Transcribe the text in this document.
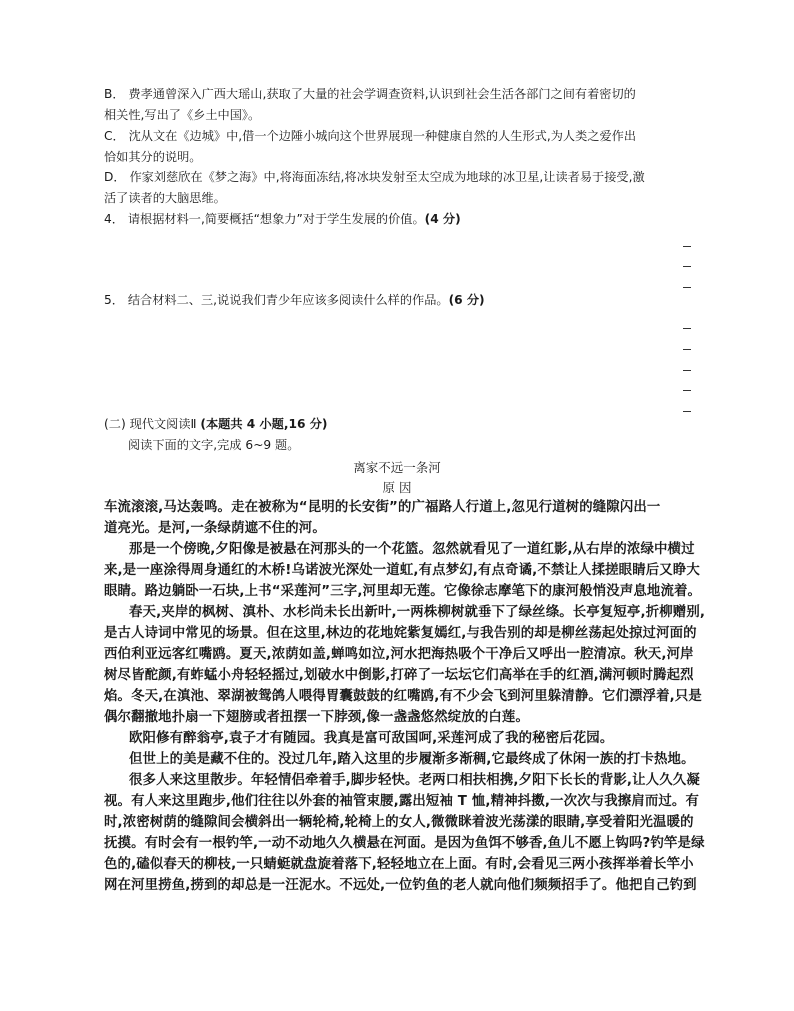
B． 费孝通曾深入广西大瑶山,获取了大量的社会学调查资料,认识到社会生活各部门之间有着密切的
相关性,写出了《乡土中国》。
C． 沈从文在《边城》中,借一个边陲小城向这个世界展现一种健康自然的人生形式,为人类之爱作出
恰如其分的说明。
D． 作家刘慈欣在《梦之海》中,将海面冻结,将冰块发射至太空成为地球的冰卫星,让读者易于接受,激
活了读者的大脑思维。
4． 请根据材料一,简要概括“想象力”对于学生发展的价值。(4 分)
5． 结合材料二、三,说说我们青少年应该多阅读什么样的作品。(6 分)
(二) 现代文阅读Ⅱ (本题共 4 小题,16 分)
阅读下面的文字,完成 6~9 题。
离家不远一条河
原 因
车流滚滚,马达轰鸣。走在被称为“昆明的长安街”的广福路人行道上,忽见行道树的缝隙闪出一
道亮光。是河,一条绿荫遮不住的河。
那是一个傍晚,夕阳像是被悬在河那头的一个花篮。忽然就看见了一道红影,从右岸的浓绿中横过
来,是一座涂得周身通红的木桥!乌诺波光深处一道虹,有点梦幻,有点奇谲,不禁让人揉搓眼睛后又睁大
眼睛。路边躺卧一石块,上书“采莲河”三字,河里却无莲。它像徐志摩笔下的康河般悄没声息地流着。
春天,夹岸的枫树、滇朴、水杉尚未长出新叶,一两株柳树就垂下了绿丝绦。长亭复短亭,折柳赠别,
是古人诗词中常见的场景。但在这里,林边的花地姹紫复嫣红,与我告别的却是柳丝荡起处掠过河面的
西伯利亚远客红嘴鸥。夏天,浓荫如盖,蝉鸣如泣,河水把海热吸个干净后又呼出一腔清凉。秋天,河岸
树尽皆酡颜,有蚱蜢小舟轻轻摇过,划破水中倒影,打碎了一坛坛它们高举在手的红酒,满河顿时腾起烈
焰。冬天,在滇池、翠湖被鸳鸽人喂得胃囊鼓鼓的红嘴鸥,有不少会飞到河里躲清静。它们漂浮着,只是
偶尔翻撤地扑扇一下翅膀或者扭摆一下脖颈,像一盏盏悠然绽放的白莲。
欧阳修有醉翁亭,袁子才有随园。我真是富可敌国呵,采莲河成了我的秘密后花园。
但世上的美是藏不住的。没过几年,踏入这里的步履渐多渐稠,它最终成了休闲一族的打卡热地。
很多人来这里散步。年轻情侣牵着手,脚步轻快。老两口相扶相携,夕阳下长长的背影,让人久久凝
视。有人来这里跑步,他们往往以外套的袖管束腰,露出短袖 T 恤,精神抖擞,一次次与我擦肩而过。有
时,浓密树荫的缝隙间会横斜出一辆轮椅,轮椅上的女人,微微眯着波光荡漾的眼睛,享受着阳光温暖的
抚摸。有时会有一根钓竿,一动不动地久久横悬在河面。是因为鱼饵不够香,鱼儿不愿上钩吗?钓竿是绿
色的,磕似春天的柳枝,一只蜻蜓就盘旋着落下,轻轻地立在上面。有时,会看见三两小孩挥举着长竿小
网在河里捞鱼,捞到的却总是一汪泥水。不远处,一位钓鱼的老人就向他们频频招手了。他把自己钓到
